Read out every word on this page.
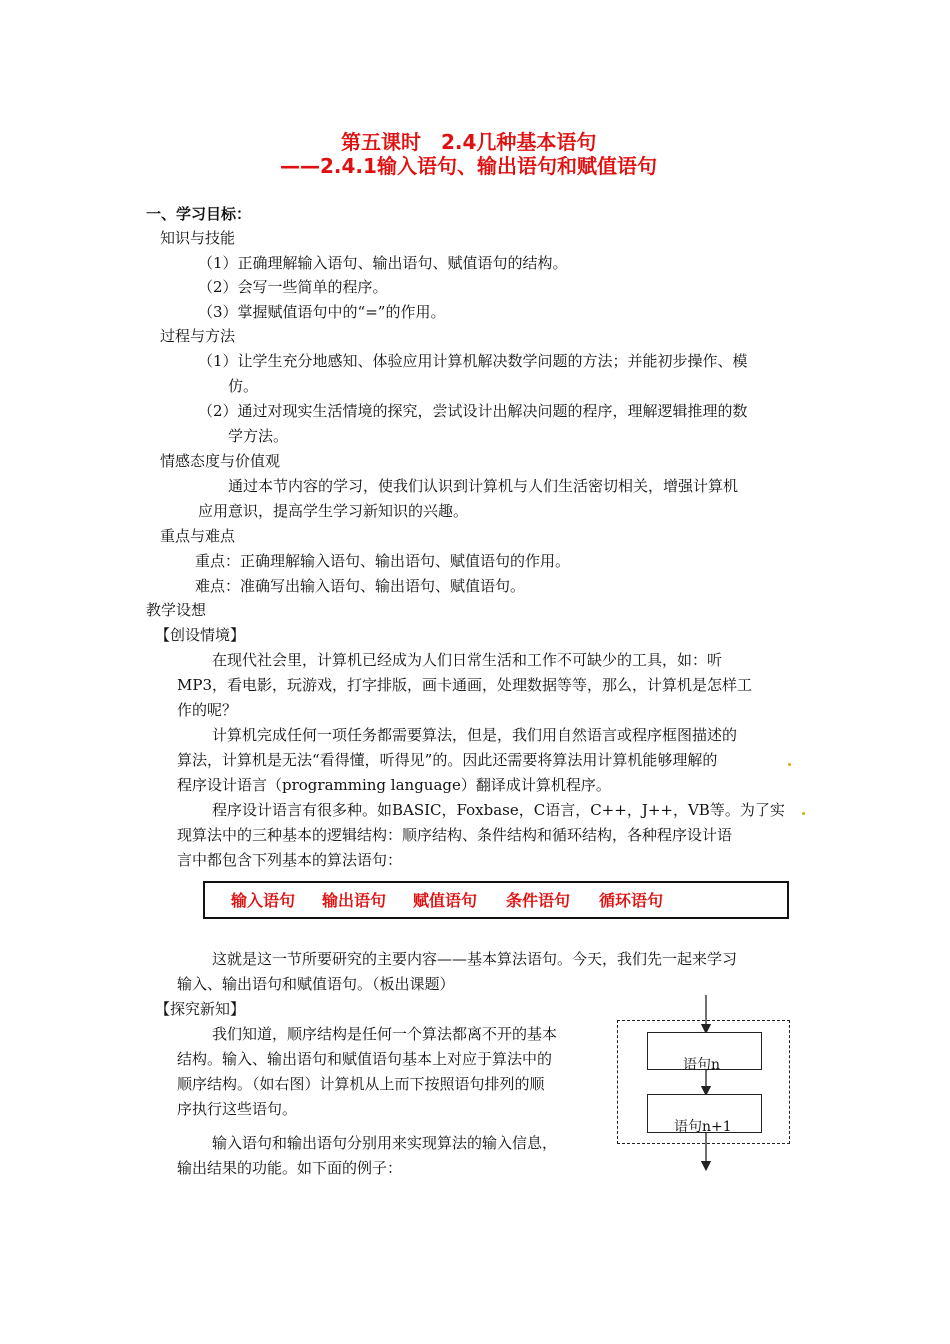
第五课时　2.4几种基本语句
——2.4.1输入语句、输出语句和赋值语句
一、学习目标：
知识与技能
（1）正确理解输入语句、输出语句、赋值语句的结构。
（2）会写一些简单的程序。
（3）掌握赋值语句中的“=”的作用。
过程与方法
（1）让学生充分地感知、体验应用计算机解决数学问题的方法；并能初步操作、模
仿。
（2）通过对现实生活情境的探究，尝试设计出解决问题的程序，理解逻辑推理的数
学方法。
情感态度与价值观
通过本节内容的学习，使我们认识到计算机与人们生活密切相关，增强计算机
应用意识，提高学生学习新知识的兴趣。
重点与难点
重点：正确理解输入语句、输出语句、赋值语句的作用。
难点：准确写出输入语句、输出语句、赋值语句。
教学设想
【创设情境】
在现代社会里，计算机已经成为人们日常生活和工作不可缺少的工具，如：听
MP3，看电影，玩游戏，打字排版，画卡通画，处理数据等等，那么，计算机是怎样工
作的呢？
计算机完成任何一项任务都需要算法，但是，我们用自然语言或程序框图描述的
算法，计算机是无法“看得懂，听得见”的。因此还需要将算法用计算机能够理解的
程序设计语言（programming language）翻译成计算机程序。
程序设计语言有很多种。如BASIC，Foxbase，C语言，C++，J++，VB等。为了实
现算法中的三种基本的逻辑结构：顺序结构、条件结构和循环结构，各种程序设计语
言中都包含下列基本的算法语句：
输入语句 输出语句 赋值语句 条件语句 循环语句
这就是这一节所要研究的主要内容——基本算法语句。今天，我们先一起来学习
输入、输出语句和赋值语句。（板出课题）
【探究新知】
我们知道，顺序结构是任何一个算法都离不开的基本
结构。输入、输出语句和赋值语句基本上对应于算法中的
顺序结构。（如右图）计算机从上而下按照语句排列的顺
序执行这些语句。
输入语句和输出语句分别用来实现算法的输入信息，
输出结果的功能。如下面的例子：
语句n
语句n+1
